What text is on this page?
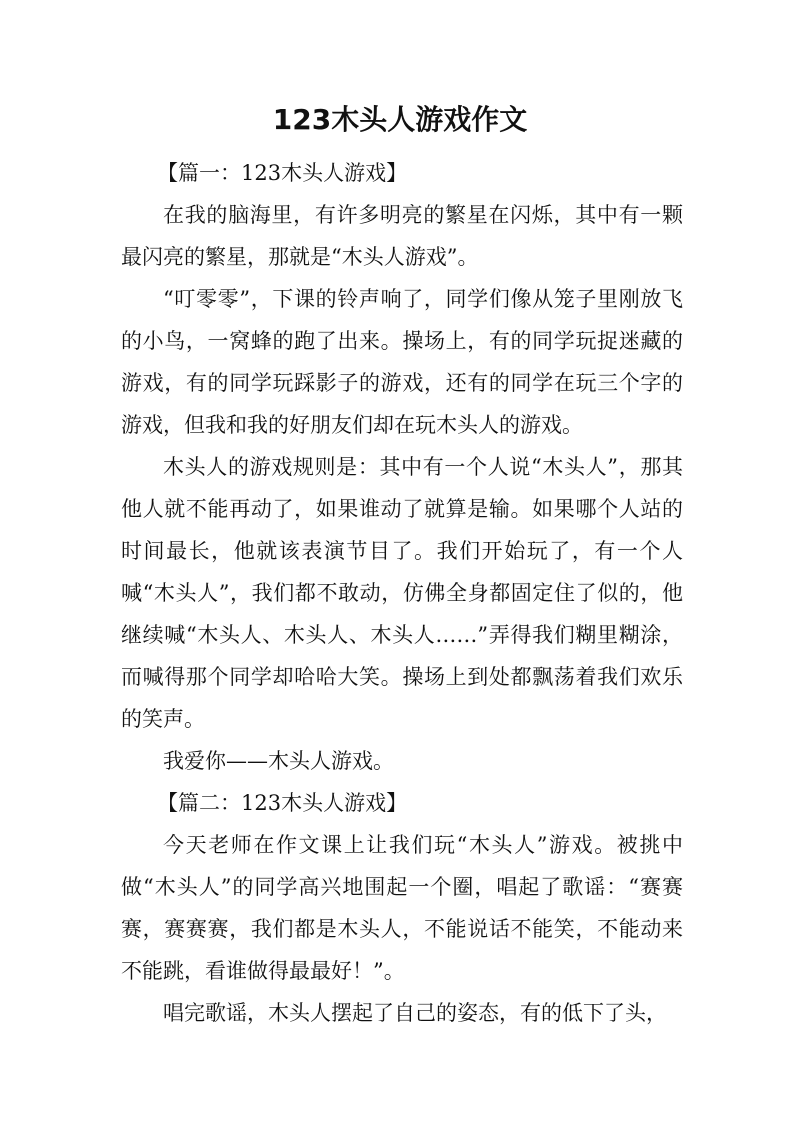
123木头人游戏作文

【篇一：123木头人游戏】

在我的脑海里，有许多明亮的繁星在闪烁，其中有一颗最闪亮的繁星，那就是“木头人游戏”。

“叮零零”，下课的铃声响了，同学们像从笼子里刚放飞的小鸟，一窝蜂的跑了出来。操场上，有的同学玩捉迷藏的游戏，有的同学玩踩影子的游戏，还有的同学在玩三个字的游戏，但我和我的好朋友们却在玩木头人的游戏。

木头人的游戏规则是：其中有一个人说“木头人”，那其他人就不能再动了，如果谁动了就算是输。如果哪个人站的时间最长，他就该表演节目了。我们开始玩了，有一个人喊“木头人”，我们都不敢动，仿佛全身都固定住了似的，他继续喊“木头人、木头人、木头人……”弄得我们糊里糊涂，而喊得那个同学却哈哈大笑。操场上到处都飘荡着我们欢乐的笑声。

我爱你——木头人游戏。

【篇二：123木头人游戏】

今天老师在作文课上让我们玩“木头人”游戏。被挑中做“木头人”的同学高兴地围起一个圈，唱起了歌谣：“赛赛赛，赛赛赛，我们都是木头人，不能说话不能笑，不能动来不能跳，看谁做得最最好！”。

唱完歌谣，木头人摆起了自己的姿态，有的低下了头，
